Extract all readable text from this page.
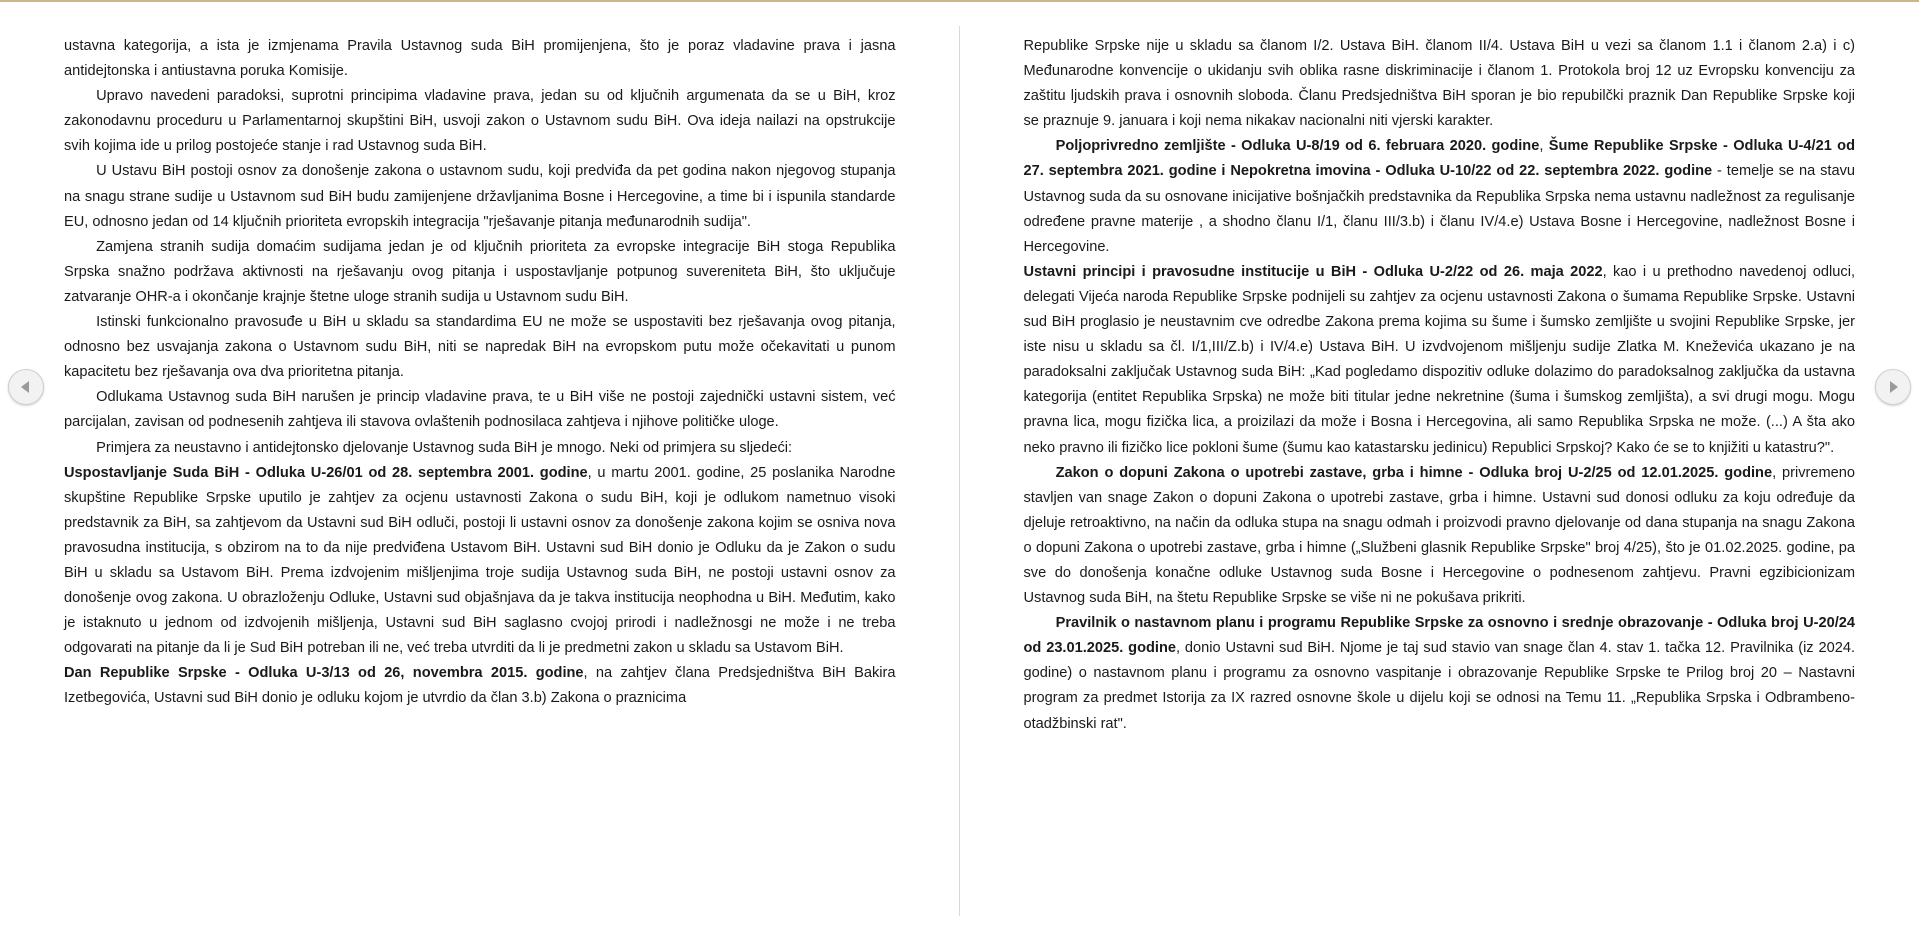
ustavna kategorija, a ista je izmjenama Pravila Ustavnog suda BiH promijenjena, što je poraz vladavine prava i jasna antidejtonska i antiustavna poruka Komisije.

Upravo navedeni paradoksi, suprotni principima vladavine prava, jedan su od ključnih argumenata da se u BiH, kroz zakonodavnu proceduru u Parlamentarnoj skupštini BiH, usvoji zakon o Ustavnom sudu BiH. Ova ideja nailazi na opstrukcije svih kojima ide u prilog postojeće stanje i rad Ustavnog suda BiH.

U Ustavu BiH postoji osnov za donošenje zakona o ustavnom sudu, koji predviđa da pet godina nakon njegovog stupanja na snagu strane sudije u Ustavnom sud BiH budu zamijenjene državljanima Bosne i Hercegovine, a time bi i ispunila standarde EU, odnosno jedan od 14 ključnih prioriteta evropskih integracija "rješavanje pitanja međunarodnih sudija".

Zamjena stranih sudija domaćim sudijama jedan je od ključnih prioriteta za evropske integracije BiH stoga Republika Srpska snažno podržava aktivnosti na rješavanju ovog pitanja i uspostavljanje potpunog suvereniteta BiH, što uključuje zatvaranje OHR-a i okončanje krajnje štetne uloge stranih sudija u Ustavnom sudu BiH.

Istinski funkcionalno pravosuđe u BiH u skladu sa standardima EU ne može se uspostaviti bez rješavanja ovog pitanja, odnosno bez usvajanja zakona o Ustavnom sudu BiH, niti se napredak BiH na evropskom putu može očekavitati u punom kapacitetu bez rješavanja ova dva prioritetna pitanja.

Odlukama Ustavnog suda BiH narušen je princip vladavine prava, te u BiH više ne postoji zajednički ustavni sistem, već parcijalan, zavisan od podnesenih zahtjeva ili stavova ovlaštenih podnosilaca zahtjeva i njihove političke uloge.

Primjera za neustavno i antidejtonsko djelovanje Ustavnog suda BiH je mnogo. Neki od primjera su sljedeći:

Uspostavljanje Suda BiH - Odluka U-26/01 od 28. septembra 2001. godine, u martu 2001. godine, 25 poslanika Narodne skupštine Republike Srpske uputilo je zahtjev za ocjenu ustavnosti Zakona o sudu BiH, koji je odlukom nametnuo visoki predstavnik za BiH, sa zahtjevom da Ustavni sud BiH odluči, postoji li ustavni osnov za donošenje zakona kojim se osniva nova pravosudna institucija, s obzirom na to da nije predviđena Ustavom BiH. Ustavni sud BiH donio je Odluku da je Zakon o sudu BiH u skladu sa Ustavom BiH. Prema izdvojenim mišljenjima troje sudija Ustavnog suda BiH, ne postoji ustavni osnov za donošenje ovog zakona. U obrazloženju Odluke, Ustavni sud objašnjava da je takva institucija neophodna u BiH. Međutim, kako je istaknuto u jednom od izdvojenih mišljenja, Ustavni sud BiH saglasno cvojoj prirodi i nadležnosgi ne može i ne treba odgovarati na pitanje da li je Sud BiH potreban ili ne, već treba utvrditi da li je predmetni zakon u skladu sa Ustavom BiH.

Dan Republike Srpske - Odluka U-3/13 od 26, novembra 2015. godine, na zahtjev člana Predsjedništva BiH Bakira Izetbegovića, Ustavni sud BiH donio je odluku kojom je utvrdio da član 3.b) Zakona o praznicima

Republike Srpske nije u skladu sa članom I/2. Ustava BiH. članom II/4. Ustava BiH u vezi sa članom 1.1 i članom 2.a) i c) Međunarodne konvencije o ukidanju svih oblika rasne diskriminacije i članom 1. Protokola broj 12 uz Evropsku konvenciju za zaštitu ljudskih prava i osnovnih sloboda. Članu Predsjedništva BiH sporan je bio repubilčki praznik Dan Republike Srpske koji se praznuje 9. januara i koji nema nikakav nacionalni niti vjerski karakter.

Poljoprivredno zemljište - Odluka U-8/19 od 6. februara 2020. godine, Šume Republike Srpske - Odluka U-4/21 od 27. septembra 2021. godine i Nepokretna imovina - Odluka U-10/22 od 22. septembra 2022. godine - temelje se na stavu Ustavnog suda da su osnovane inicijative bošnjačkih predstavnika da Republika Srpska nema ustavnu nadležnost za regulisanje određene pravne materije , a shodno članu I/1, članu III/3.b) i članu IV/4.e) Ustava Bosne i Hercegovine, nadležnost Bosne i Hercegovine.

Ustavni principi i pravosudne institucije u BiH - Odluka U-2/22 od 26. maja 2022, kao i u prethodno navedenoj odluci, delegati Vijeća naroda Republike Srpske podnijeli su zahtjev za ocjenu ustavnosti Zakona o šumama Republike Srpske. Ustavni sud BiH proglasio je neustavnim cve odredbe Zakona prema kojima su šume i šumsko zemljište u svojini Republike Srpske, jer iste nisu u skladu sa čl. I/1,III/Z.b) i IV/4.e) Ustava BiH. U izvdvojenom mišljenju sudije Zlatka M. Kneževića ukazano je na paradoksalni zaključak Ustavnog suda BiH: „Kad pogledamo dispozitiv odluke dolazimo do paradoksalnog zaključka da ustavna kategorija (entitet Republika Srpska) ne može biti titular jedne nekretnine (šuma i šumskog zemljišta), a svi drugi mogu. Mogu pravna lica, mogu fizička lica, a proizilazi da može i Bosna i Hercegovina, ali samo Republika Srpska ne može. (...) A šta ako neko pravno ili fizičko lice pokloni šume (šumu kao katastarsku jedinicu) Republici Srpskoj? Kako će se to knjižiti u katastru?".

Zakon o dopuni Zakona o upotrebi zastave, grba i himne - Odluka broj U-2/25 od 12.01.2025. godine, privremeno stavljen van snage Zakon o dopuni Zakona o upotrebi zastave, grba i himne. Ustavni sud donosi odluku za koju određuje da djeluje retroaktivno, na način da odluka stupa na snagu odmah i proizvodi pravno djelovanje od dana stupanja na snagu Zakona o dopuni Zakona o upotrebi zastave, grba i himne („Službeni glasnik Republike Srpske" broj 4/25), što je 01.02.2025. godine, pa sve do donošenja konačne odluke Ustavnog suda Bosne i Hercegovine o podnesenom zahtjevu. Pravni egzibicionizam Ustavnog suda BiH, na štetu Republike Srpske se više ni ne pokušava prikriti.

Pravilnik o nastavnom planu i programu Republike Srpske za osnovno i srednje obrazovanje - Odluka broj U-20/24 od 23.01.2025. godine, donio Ustavni sud BiH. Njome je taj sud stavio van snage član 4. stav 1. tačka 12. Pravilnika (iz 2024. godine) o nastavnom planu i programu za osnovno vaspitanje i obrazovanje Republike Srpske te Prilog broj 20 – Nastavni program za predmet Istorija za IX razred osnovne škole u dijelu koji se odnosi na Temu 11. „Republika Srpska i Odbrambeno-otadžbinski rat".
